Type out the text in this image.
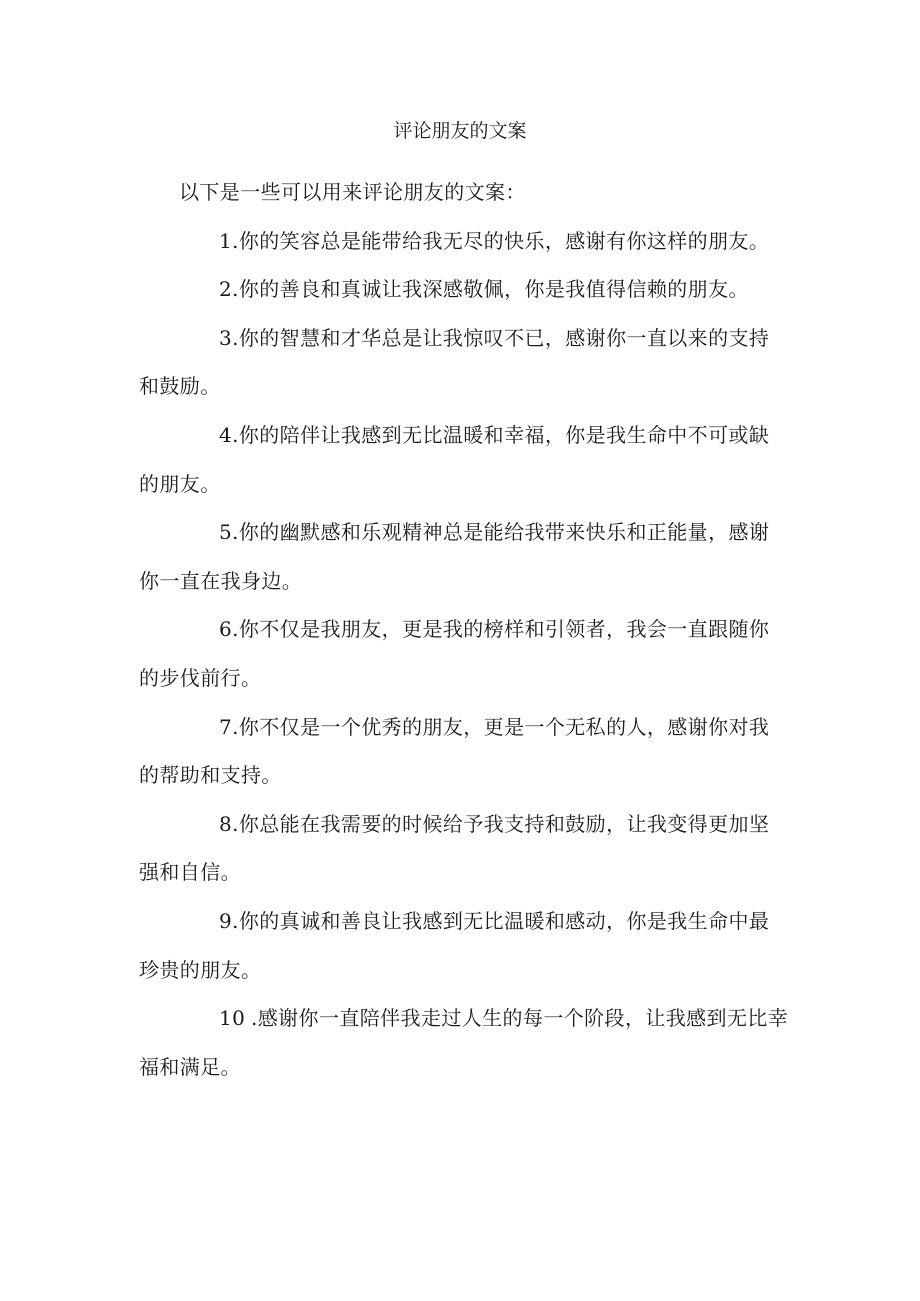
评论朋友的文案

以下是一些可以用来评论朋友的文案：

1.你的笑容总是能带给我无尽的快乐，感谢有你这样的朋友。

2.你的善良和真诚让我深感敬佩，你是我值得信赖的朋友。

3.你的智慧和才华总是让我惊叹不已，感谢你一直以来的支持和鼓励。

4.你的陪伴让我感到无比温暖和幸福，你是我生命中不可或缺的朋友。

5.你的幽默感和乐观精神总是能给我带来快乐和正能量，感谢你一直在我身边。

6.你不仅是我朋友，更是我的榜样和引领者，我会一直跟随你的步伐前行。

7.你不仅是一个优秀的朋友，更是一个无私的人，感谢你对我的帮助和支持。

8.你总能在我需要的时候给予我支持和鼓励，让我变得更加坚强和自信。

9.你的真诚和善良让我感到无比温暖和感动，你是我生命中最珍贵的朋友。

10 .感谢你一直陪伴我走过人生的每一个阶段，让我感到无比幸福和满足。
